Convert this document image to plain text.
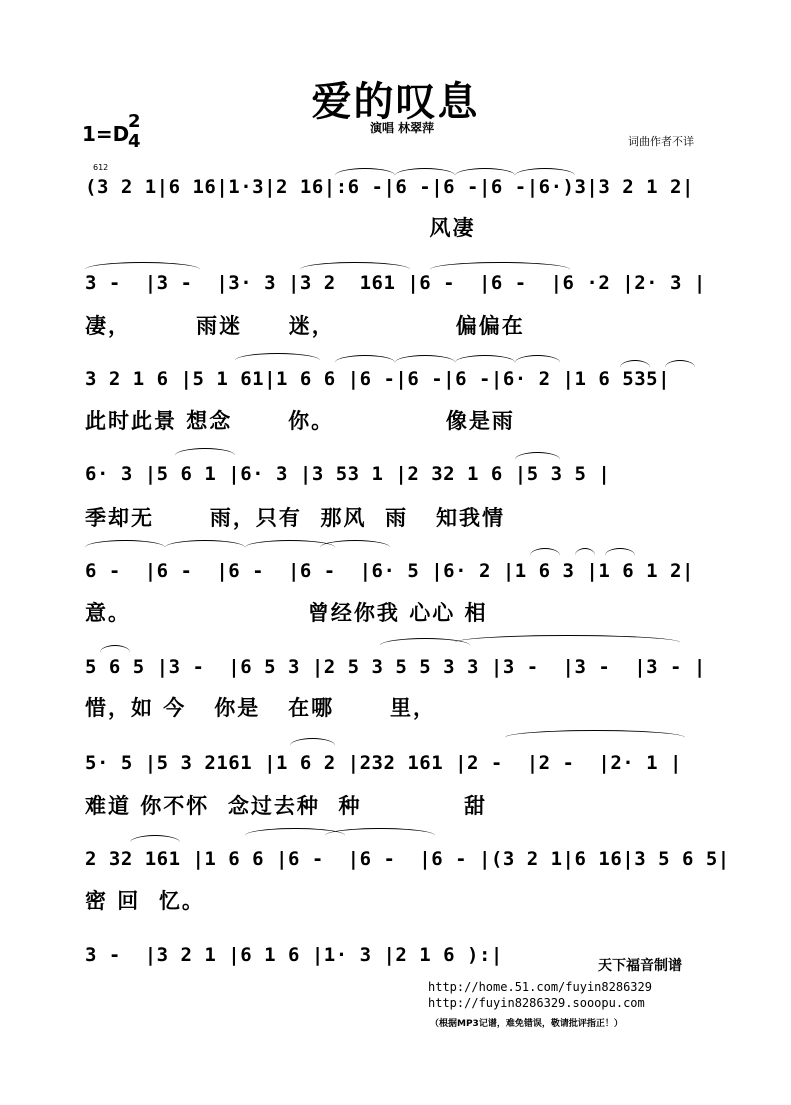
爱的叹息
1=D
2
4
演唱 林翠萍
词曲作者不详
612
(3 2 1|6 16|1·3|2 16|:6 -|6 -|6 -|6 -|6·)3|3 2 1 2|
风凄
3 -  |3 -  |3· 3 |3 2  161 |6 -  |6 -  |6 ·2 |2· 3 |
凄，       雨迷     迷，             偏偏在
3 2 1 6 |5 1 61|1 6 6 |6 -|6 -|6 -|6· 2 |1 6 535|
此时此景 想念      你。            像是雨
6· 3 |5 6 1 |6· 3 |3 53 1 |2 32 1 6 |5 3 5 |
季却无      雨，只有  那风  雨   知我情
6 -  |6 -  |6 -  |6 -  |6· 5 |6· 2 |1 6 3 |1 6 1 2|
意。                   曾经你我 心心 相
5 6 5 |3 -  |6 5 3 |2 5 3 5 5 3 3 |3 -  |3 -  |3 - |
惜，如 今   你是   在哪      里，
5· 5 |5 3 2161 |1 6 2 |232 161 |2 -  |2 -  |2· 1 |
难道 你不怀  念过去种  种           甜
2 32 161 |1 6 6 |6 -  |6 -  |6 - |(3 2 1|6 16|3 5 6 5|
密 回  忆。
3 -  |3 2 1 |6 1 6 |1· 3 |2 1 6 ):|	天下福音制谱
http://home.51.com/fuyin8286329
http://fuyin8286329.sooopu.com
（根据MP3记谱，难免错误，敬请批评指正！）
